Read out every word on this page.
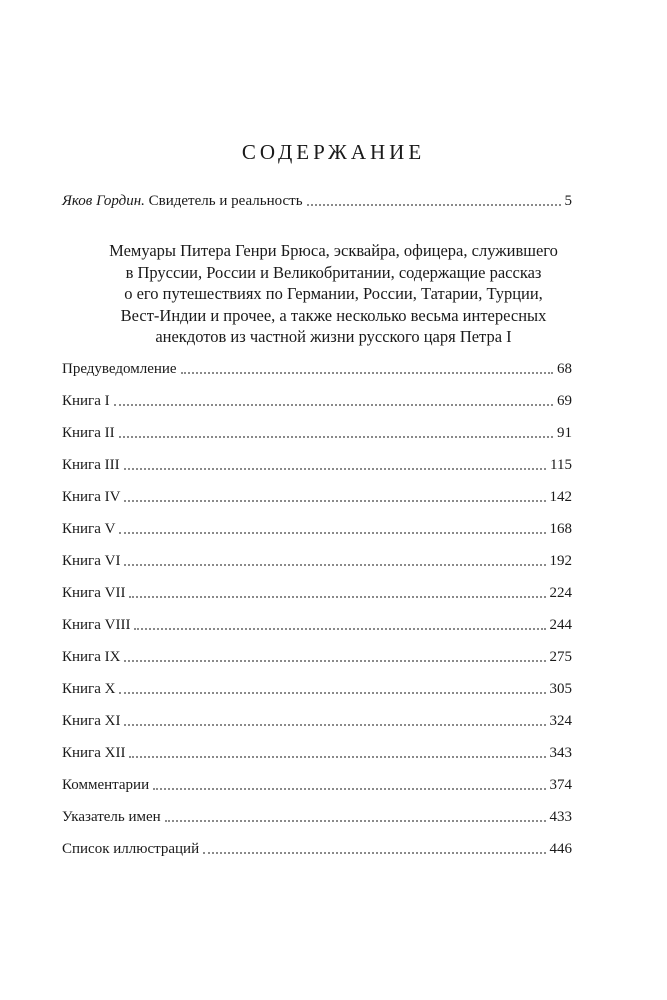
СОДЕРЖАНИЕ
Яков Гордин. Свидетель и реальность	5

Мемуары Питера Генри Брюса, эсквайра, офицера, служившего
в Пруссии, России и Великобритании, содержащие рассказ
о его путешествиях по Германии, России, Татарии, Турции,
Вест-Индии и прочее, а также несколько весьма интересных
анекдотов из частной жизни русского царя Петра I

Предуведомление	68
Книга I	69
Книга II	91
Книга III	115
Книга IV	142
Книга V	168
Книга VI	192
Книга VII	224
Книга VIII	244
Книга IX	275
Книга X	305
Книга XI	324
Книга XII	343
Комментарии	374
Указатель имен	433
Список иллюстраций	446
